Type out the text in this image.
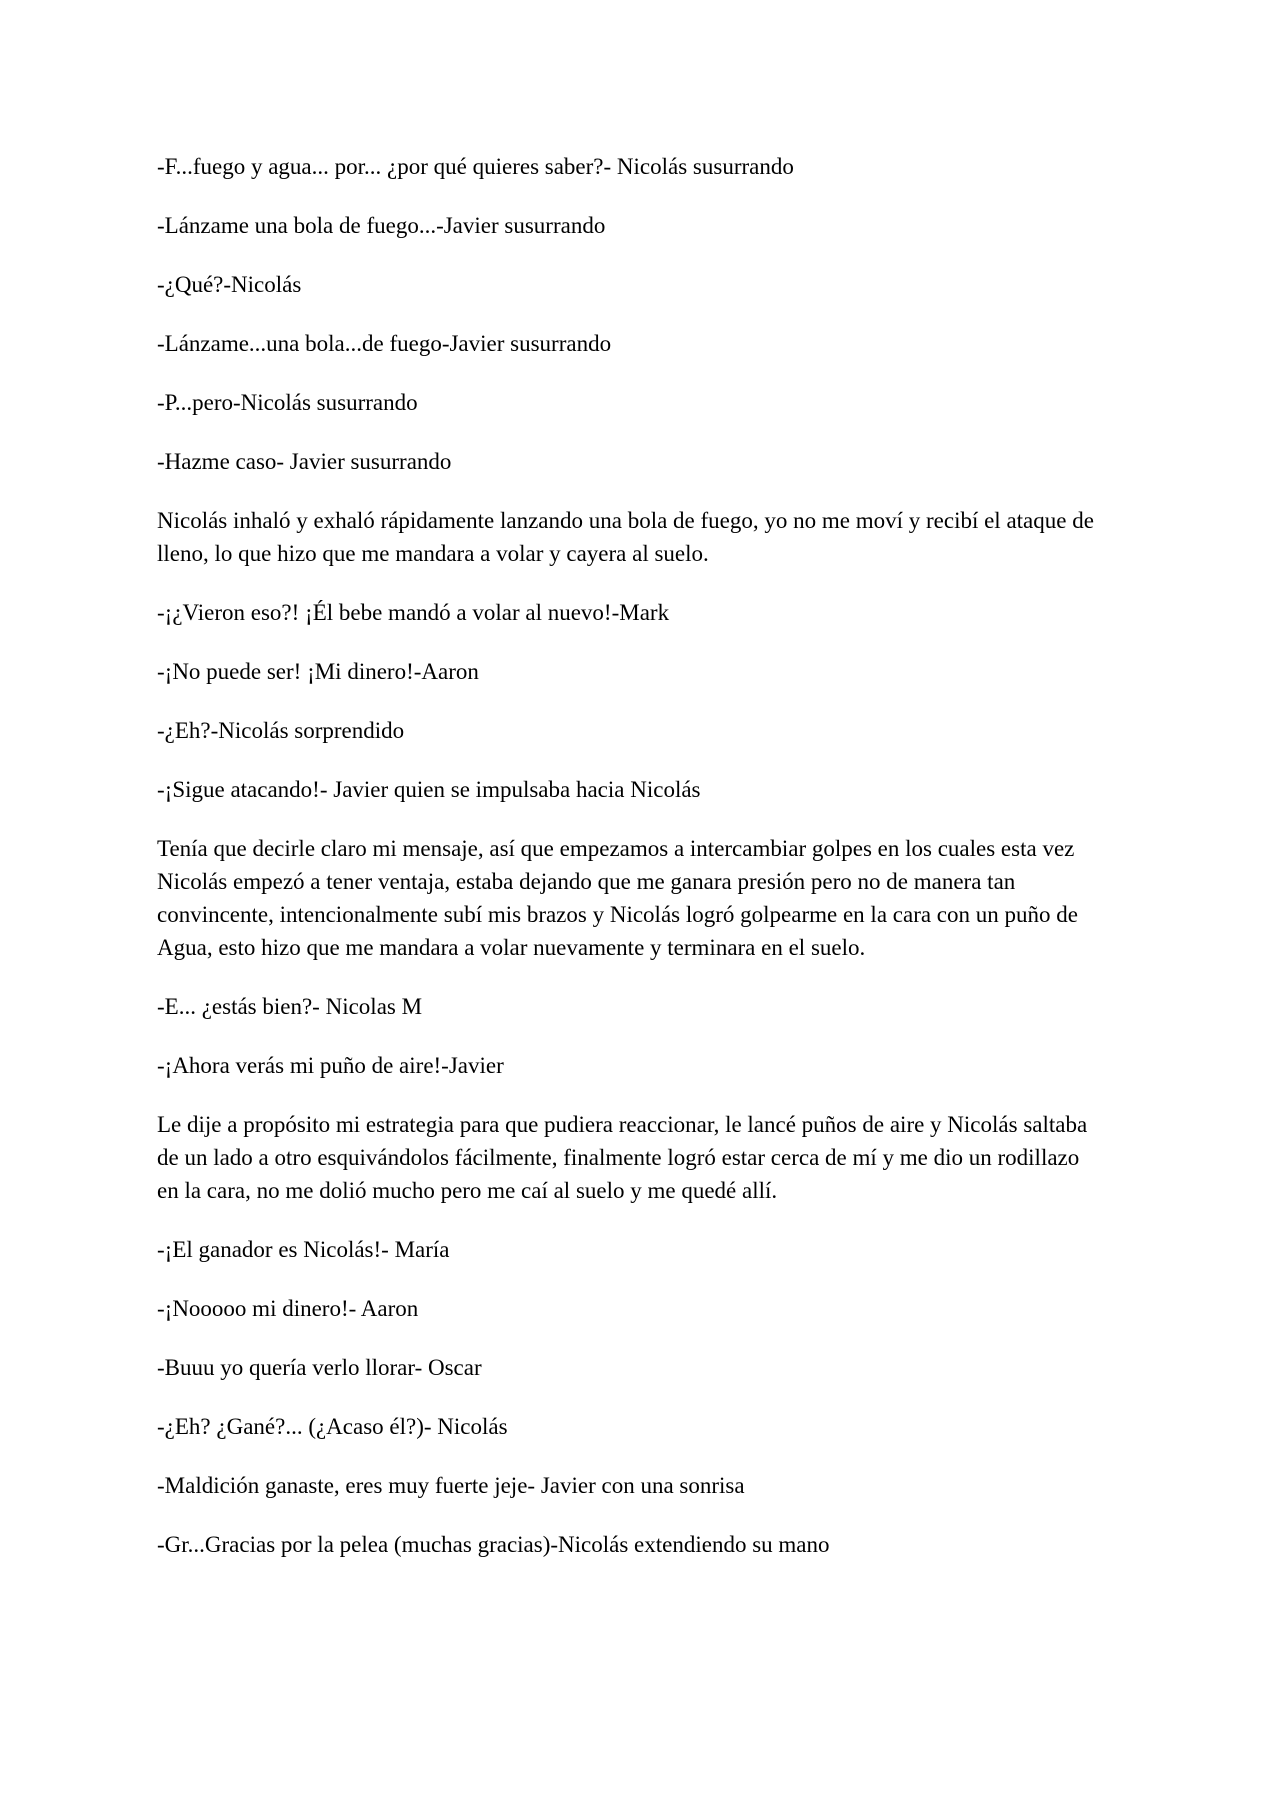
-F...fuego y agua... por... ¿por qué quieres saber?- Nicolás susurrando

-Lánzame una bola de fuego...-Javier susurrando

-¿Qué?-Nicolás

-Lánzame...una bola...de fuego-Javier susurrando

-P...pero-Nicolás susurrando

-Hazme caso- Javier susurrando

Nicolás inhaló y exhaló rápidamente lanzando una bola de fuego, yo no me moví y recibí el ataque de lleno, lo que hizo que me mandara a volar y cayera al suelo.

-¡¿Vieron eso?! ¡Él bebe mandó a volar al nuevo!-Mark

-¡No puede ser! ¡Mi dinero!-Aaron

-¿Eh?-Nicolás sorprendido

-¡Sigue atacando!- Javier quien se impulsaba hacia Nicolás

Tenía que decirle claro mi mensaje, así que empezamos a intercambiar golpes en los cuales esta vez Nicolás empezó a tener ventaja, estaba dejando que me ganara presión pero no de manera tan convincente, intencionalmente subí mis brazos y Nicolás logró golpearme en la cara con un puño de Agua, esto hizo que me mandara a volar nuevamente y terminara en el suelo.

-E... ¿estás bien?- Nicolas M

-¡Ahora verás mi puño de aire!-Javier

Le dije a propósito mi estrategia para que pudiera reaccionar, le lancé puños de aire y Nicolás saltaba de un lado a otro esquivándolos fácilmente, finalmente logró estar cerca de mí y me dio un rodillazo en la cara, no me dolió mucho pero me caí al suelo y me quedé allí.

-¡El ganador es Nicolás!- María

-¡Nooooo mi dinero!- Aaron

-Buuu yo quería verlo llorar- Oscar

-¿Eh? ¿Gané?... (¿Acaso él?)- Nicolás

-Maldición ganaste, eres muy fuerte jeje- Javier con una sonrisa

-Gr...Gracias por la pelea (muchas gracias)-Nicolás extendiendo su mano
